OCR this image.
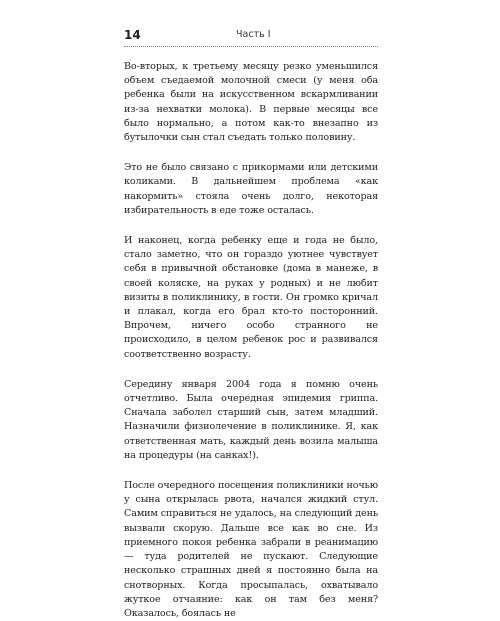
14	Часть I

Во-вторых, к третьему месяцу резко уменьшился объем съедаемой молочной смеси (у меня оба ребенка были на искусственном вскармливании из-за нехватки молока). В первые месяцы все было нормально, а потом как-то внезапно из бутылочки сын стал съедать только половину.

Это не было связано с прикормами или детскими коликами. В дальнейшем проблема «как накормить» стояла очень долго, некоторая избирательность в еде тоже осталась.

И наконец, когда ребенку еще и года не было, стало заметно, что он гораздо уютнее чувствует себя в привычной обстановке (дома в манеже, в своей коляске, на руках у родных) и не любит визиты в поликлинику, в гости. Он громко кричал и плакал, когда его брал кто-то посторонний. Впрочем, ничего особо странного не происходило, в целом ребенок рос и развивался соответственно возрасту.

Середину января 2004 года я помню очень отчетливо. Была очередная эпидемия гриппа. Сначала заболел старший сын, затем младший. Назначили физиолечение в поликлинике. Я, как ответственная мать, каждый день возила малыша на процедуры (на санках!).

После очередного посещения поликлиники ночью у сына открылась рвота, начался жидкий стул. Самим справиться не удалось, на следующий день вызвали скорую. Дальше все как во сне. Из приемного покоя ребенка забрали в реанимацию — туда родителей не пускают. Следующие несколько страшных дней я постоянно была на снотворных. Когда просыпалась, охватывало жуткое отчаяние: как он там без меня? Оказалось, боялась не
